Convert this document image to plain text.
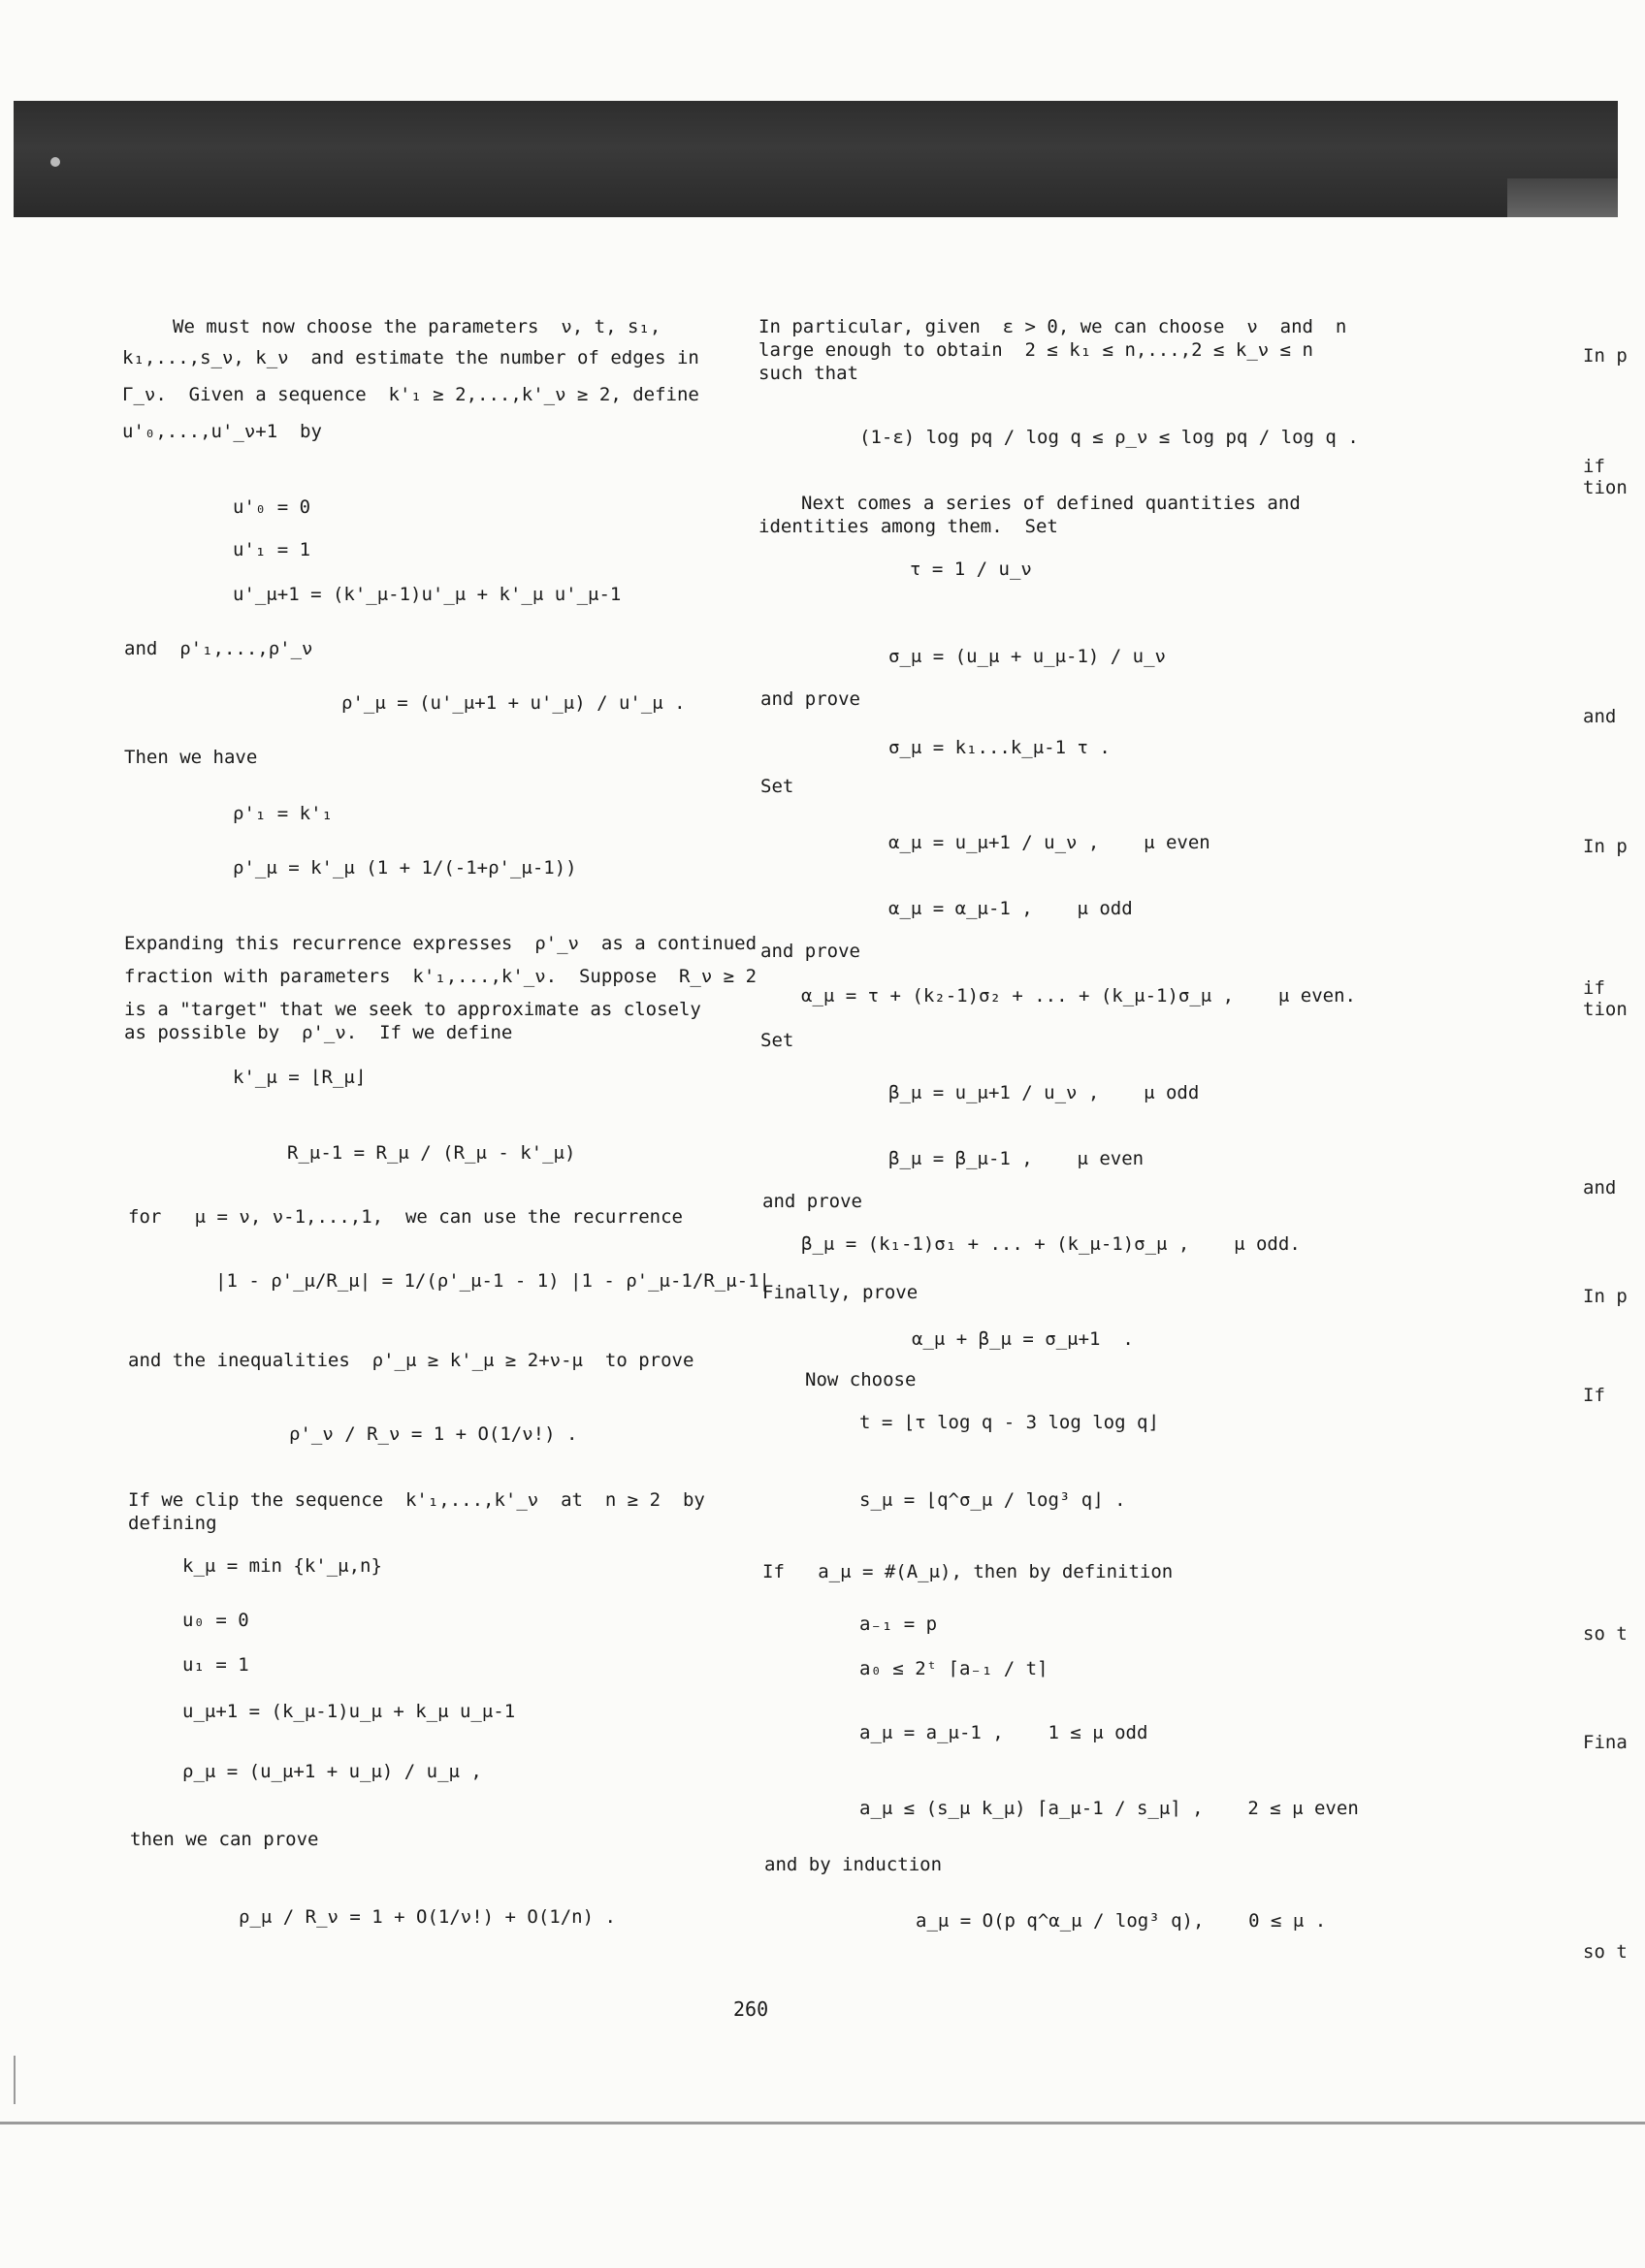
We must now choose the parameters  ν, t, s₁,
k₁,...,s_ν, k_ν  and estimate the number of edges in
Γ_ν.  Given a sequence  k'₁ ≥ 2,...,k'_ν ≥ 2, define
u'₀,...,u'_ν+1  by
u'₀ = 0
u'₁ = 1
u'_μ+1 = (k'_μ-1)u'_μ + k'_μ u'_μ-1
and  ρ'₁,...,ρ'_ν
ρ'_μ = (u'_μ+1 + u'_μ) / u'_μ .
Then we have
ρ'₁ = k'₁
ρ'_μ = k'_μ (1 + 1/(-1+ρ'_μ-1))
Expanding this recurrence expresses  ρ'_ν  as a continued
fraction with parameters  k'₁,...,k'_ν.  Suppose  R_ν ≥ 2
is a "target" that we seek to approximate as closely
as possible by  ρ'_ν.  If we define
k'_μ = ⌊R_μ⌋
R_μ-1 = R_μ / (R_μ - k'_μ)
for   μ = ν, ν-1,...,1,  we can use the recurrence
|1 - ρ'_μ/R_μ| = 1/(ρ'_μ-1 - 1) |1 - ρ'_μ-1/R_μ-1|
and the inequalities  ρ'_μ ≥ k'_μ ≥ 2+ν-μ  to prove
ρ'_ν / R_ν = 1 + O(1/ν!) .
If we clip the sequence  k'₁,...,k'_ν  at  n ≥ 2  by
defining
k_μ = min {k'_μ,n}
u₀ = 0
u₁ = 1
u_μ+1 = (k_μ-1)u_μ + k_μ u_μ-1
ρ_μ = (u_μ+1 + u_μ) / u_μ ,
then we can prove
ρ_μ / R_ν = 1 + O(1/ν!) + O(1/n) .
In particular, given  ε > 0, we can choose  ν  and  n
large enough to obtain  2 ≤ k₁ ≤ n,...,2 ≤ k_ν ≤ n
such that
(1-ε) log pq / log q ≤ ρ_ν ≤ log pq / log q .
Next comes a series of defined quantities and
identities among them.  Set
τ = 1 / u_ν
σ_μ = (u_μ + u_μ-1) / u_ν
and prove
σ_μ = k₁...k_μ-1 τ .
Set
α_μ = u_μ+1 / u_ν ,    μ even
α_μ = α_μ-1 ,    μ odd
and prove
α_μ = τ + (k₂-1)σ₂ + ... + (k_μ-1)σ_μ ,    μ even.
Set
β_μ = u_μ+1 / u_ν ,    μ odd
β_μ = β_μ-1 ,    μ even
and prove
β_μ = (k₁-1)σ₁ + ... + (k_μ-1)σ_μ ,    μ odd.
Finally, prove
α_μ + β_μ = σ_μ+1  .
Now choose
t = ⌊τ log q - 3 log log q⌋
s_μ = ⌊q^σ_μ / log³ q⌋ .
If   a_μ = #(A_μ), then by definition
a₋₁ = p
a₀ ≤ 2ᵗ ⌈a₋₁ / t⌉
a_μ = a_μ-1 ,    1 ≤ μ odd
a_μ ≤ (s_μ k_μ) ⌈a_μ-1 / s_μ⌉ ,    2 ≤ μ even
and by induction
a_μ = O(p q^α_μ / log³ q),    0 ≤ μ .
In p
if
tion
and
In p
if
tion
and
In p
If
so t
Fina
so t
260
